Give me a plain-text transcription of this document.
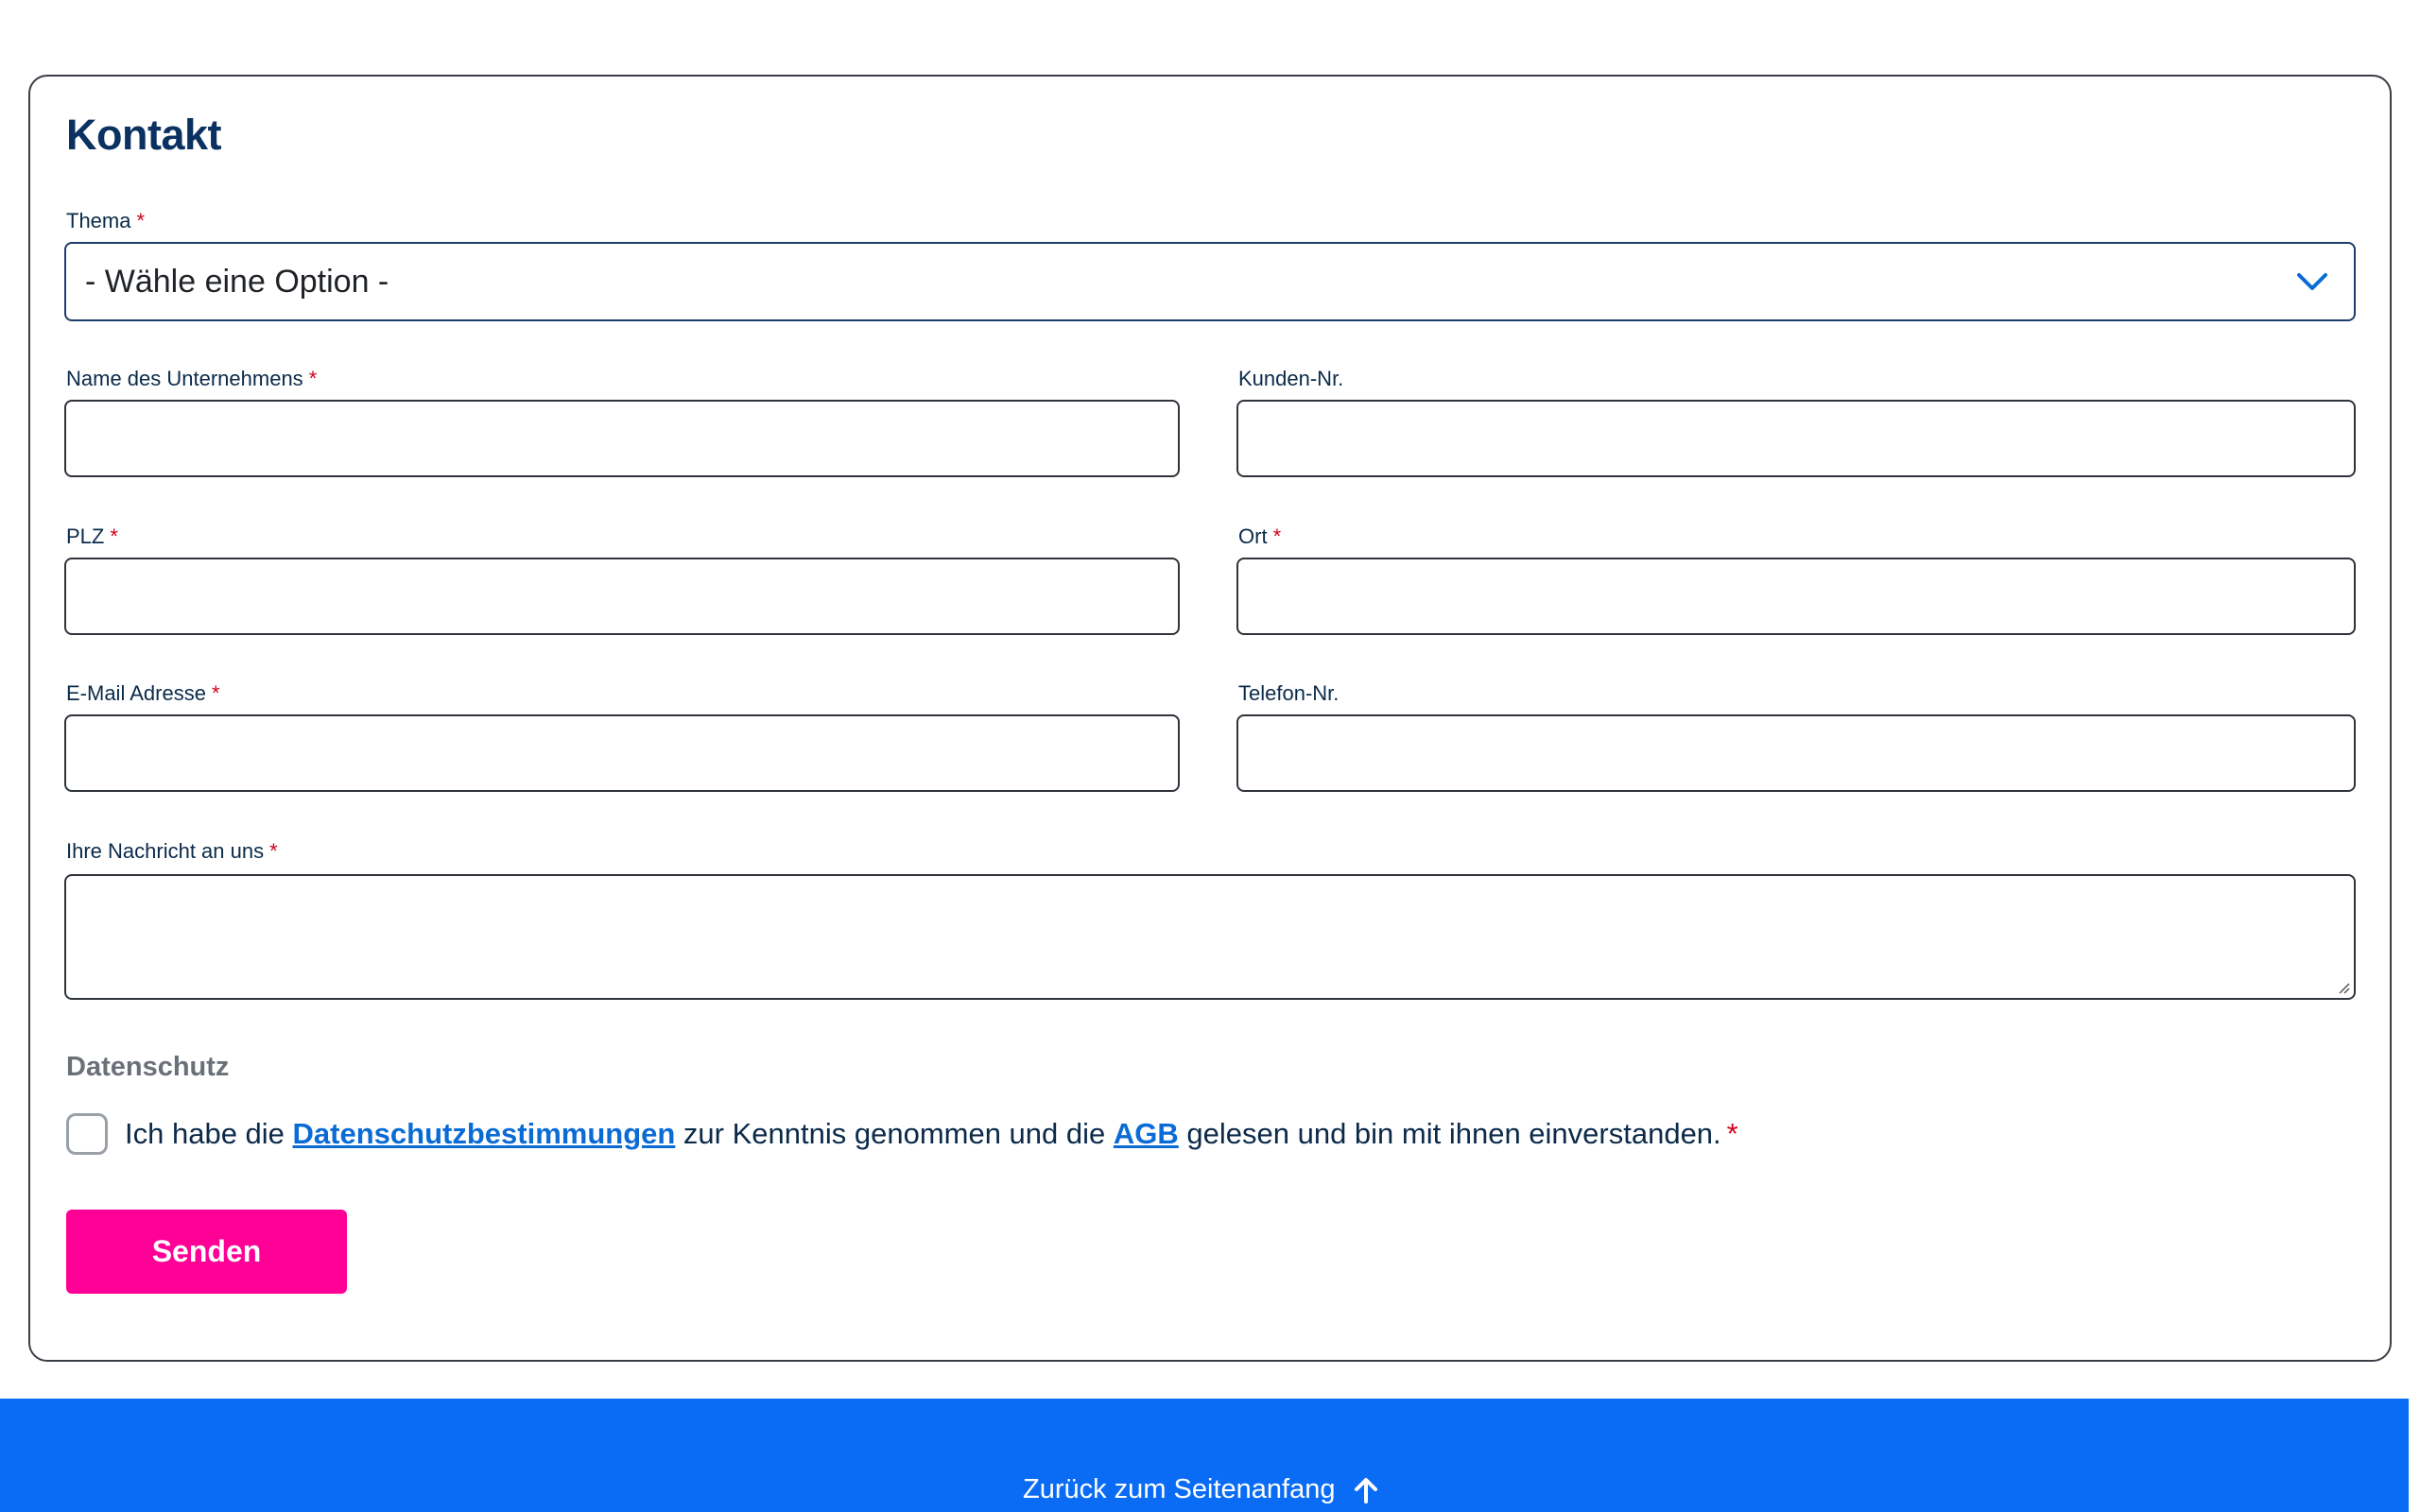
Kontakt
Thema *
- Wähle eine Option -
Name des Unternehmens *	Kunden-Nr.
PLZ *	Ort *
E-Mail Adresse *	Telefon-Nr.
Ihre Nachricht an uns *
Datenschutz
Ich habe die Datenschutzbestimmungen zur Kenntnis genommen und die AGB gelesen und bin mit ihnen einverstanden. *
Senden
Zurück zum Seitenanfang
